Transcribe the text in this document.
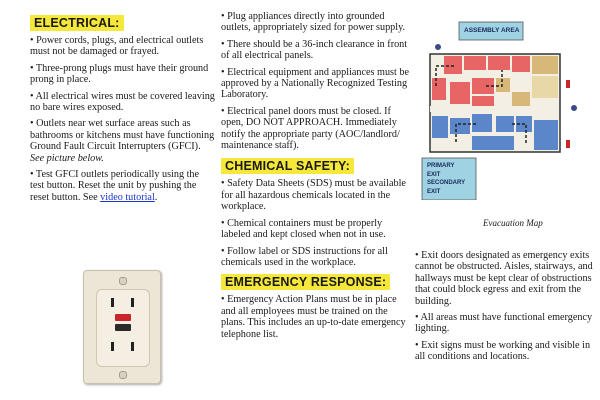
ELECTRICAL:
• Power cords, plugs, and electrical outlets must not be damaged or frayed.
• Three-prong plugs must have their ground prong in place.
• All electrical wires must be covered leaving no bare wires exposed.
• Outlets near wet surface areas such as bathrooms or kitchens must have functioning Ground Fault Circuit Interrupters (GFCI). See picture below.
• Test GFCI outlets periodically using the test button. Reset the unit by pushing the reset button. See video tutorial.
• Plug appliances directly into grounded outlets, appropriately sized for power supply.
• There should be a 36-inch clearance in front of all electrical panels.
• Electrical equipment and appliances must be approved by a Nationally Recognized Testing Laboratory.
• Electrical panel doors must be closed. If open, DO NOT APPROACH. Immediately notify the appropriate party (AOC/landlord/ maintenance staff).
CHEMICAL SAFETY:
• Safety Data Sheets (SDS) must be available for all hazardous chemicals located in the workplace.
• Chemical containers must be properly labeled and kept closed when not in use.
• Follow label or SDS instructions for all chemicals used in the workplace.
EMERGENCY RESPONSE:
• Emergency Action Plans must be in place and all employees must be trained on the plans. This includes an up-to-date emergency telephone list.
ASSEMBLY AREA
PRIMARY
EXIT
SECONDARY
EXIT
Evacuation Map
• Exit doors designated as emergency exits cannot be obstructed. Aisles, stairways, and hallways must be kept clear of obstructions that could block egress and exit from the building.
• All areas must have functional emergency lighting.
• Exit signs must be working and visible in all conditions and locations.
